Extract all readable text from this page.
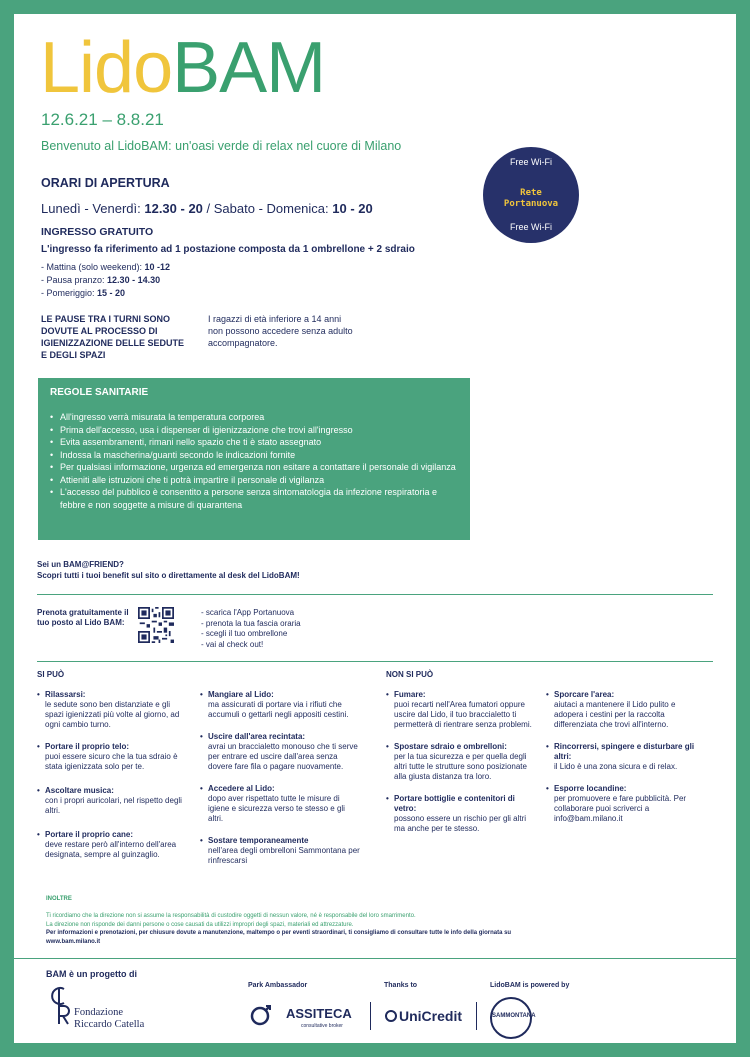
LidoBAM
12.6.21 – 8.8.21
Benvenuto al LidoBAM: un'oasi verde di relax nel cuore di Milano
Free Wi-Fi
Rete
Portanuova
Free Wi-Fi
ORARI DI APERTURA
Lunedì - Venerdì: 12.30 - 20 / Sabato - Domenica: 10 - 20
INGRESSO GRATUITO
L'ingresso fa riferimento ad 1 postazione composta da 1 ombrellone + 2 sdraio
- Mattina (solo weekend): 10 -12
- Pausa pranzo: 12.30 - 14.30
- Pomeriggio: 15 - 20
LE PAUSE TRA I TURNI SONO DOVUTE AL PROCESSO DI IGIENIZZAZIONE DELLE SEDUTE E DEGLI SPAZI
I ragazzi di età inferiore a 14 anni non possono accedere senza adulto accompagnatore.
REGOLE SANITARIE
• All'ingresso verrà misurata la temperatura corporea
• Prima dell'accesso, usa i dispenser di igienizzazione che trovi all'ingresso
• Evita assembramenti, rimani nello spazio che ti è stato assegnato
• Indossa la mascherina/guanti secondo le indicazioni fornite
• Per qualsiasi informazione, urgenza ed emergenza non esitare a contattare il personale di vigilanza
• Attieniti alle istruzioni che ti potrà impartire il personale di vigilanza
• L'accesso del pubblico è consentito a persone senza sintomatologia da infezione respiratoria e febbre e non soggette a misure di quarantena
Sei un BAM@FRIEND?
Scopri tutti i tuoi benefit sul sito o direttamente al desk del LidoBAM!
Prenota gratuitamente il tuo posto al Lido BAM:
- scarica l'App Portanuova
- prenota la tua fascia oraria
- scegli il tuo ombrellone
- vai al check out!
SI PUÒ	NON SI PUÒ
• Rilassarsi:
le sedute sono ben distanziate e gli spazi igienizzati più volte al giorno, ad ogni cambio turno.
• Portare il proprio telo:
puoi essere sicuro che la tua sdraio è stata igienizzata solo per te.
• Ascoltare musica:
con i propri auricolari, nel rispetto degli altri.
• Portare il proprio cane:
deve restare però all'interno dell'area designata, sempre al guinzaglio.
• Mangiare al Lido:
ma assicurati di portare via i rifiuti che accumuli o gettarli negli appositi cestini.
• Uscire dall'area recintata:
avrai un braccialetto monouso che ti serve per entrare ed uscire dall'area senza dovere fare fila o pagare nuovamente.
• Accedere al Lido:
dopo aver rispettato tutte le misure di igiene e sicurezza verso te stesso e gli altri.
• Sostare temporaneamente
nell'area degli ombrelloni Sammontana per rinfrescarsi
• Fumare:
puoi recarti nell'Area fumatori oppure uscire dal Lido, il tuo braccialetto ti permetterà di rientrare senza problemi.
• Spostare sdraio e ombrelloni:
per la tua sicurezza e per quella degli altri tutte le strutture sono posizionate alla giusta distanza tra loro.
• Portare bottiglie e contenitori di vetro:
possono essere un rischio per gli altri ma anche per te stesso.
• Sporcare l'area:
aiutaci a mantenere il Lido pulito e adopera i cestini per la raccolta differenziata che trovi all'interno.
• Rincorrersi, spingere e disturbare gli altri:
il Lido è una zona sicura e di relax.
• Esporre locandine:
per promuovere e fare pubblicità. Per collaborare puoi scriverci a info@bam.milano.it
INOLTRE
Ti ricordiamo che la direzione non si assume la responsabilità di custodire oggetti di nessun valore, né è responsabile del loro smarrimento.
La direzione non risponde dei danni persone o cose causati da utilizzi impropri degli spazi, materiali ed attrezzature.
Per informazioni e prenotazioni, per chiusure dovute a manutenzione, maltempo o per eventi straordinari, ti consigliamo di consultare tutte le info della giornata su www.bam.milano.it
BAM è un progetto di
Fondazione
Riccardo Catella
Park Ambassador
ASSITECA
consultative broker
Thanks to
UniCredit
LidoBAM is powered by
SAMMONTANA
